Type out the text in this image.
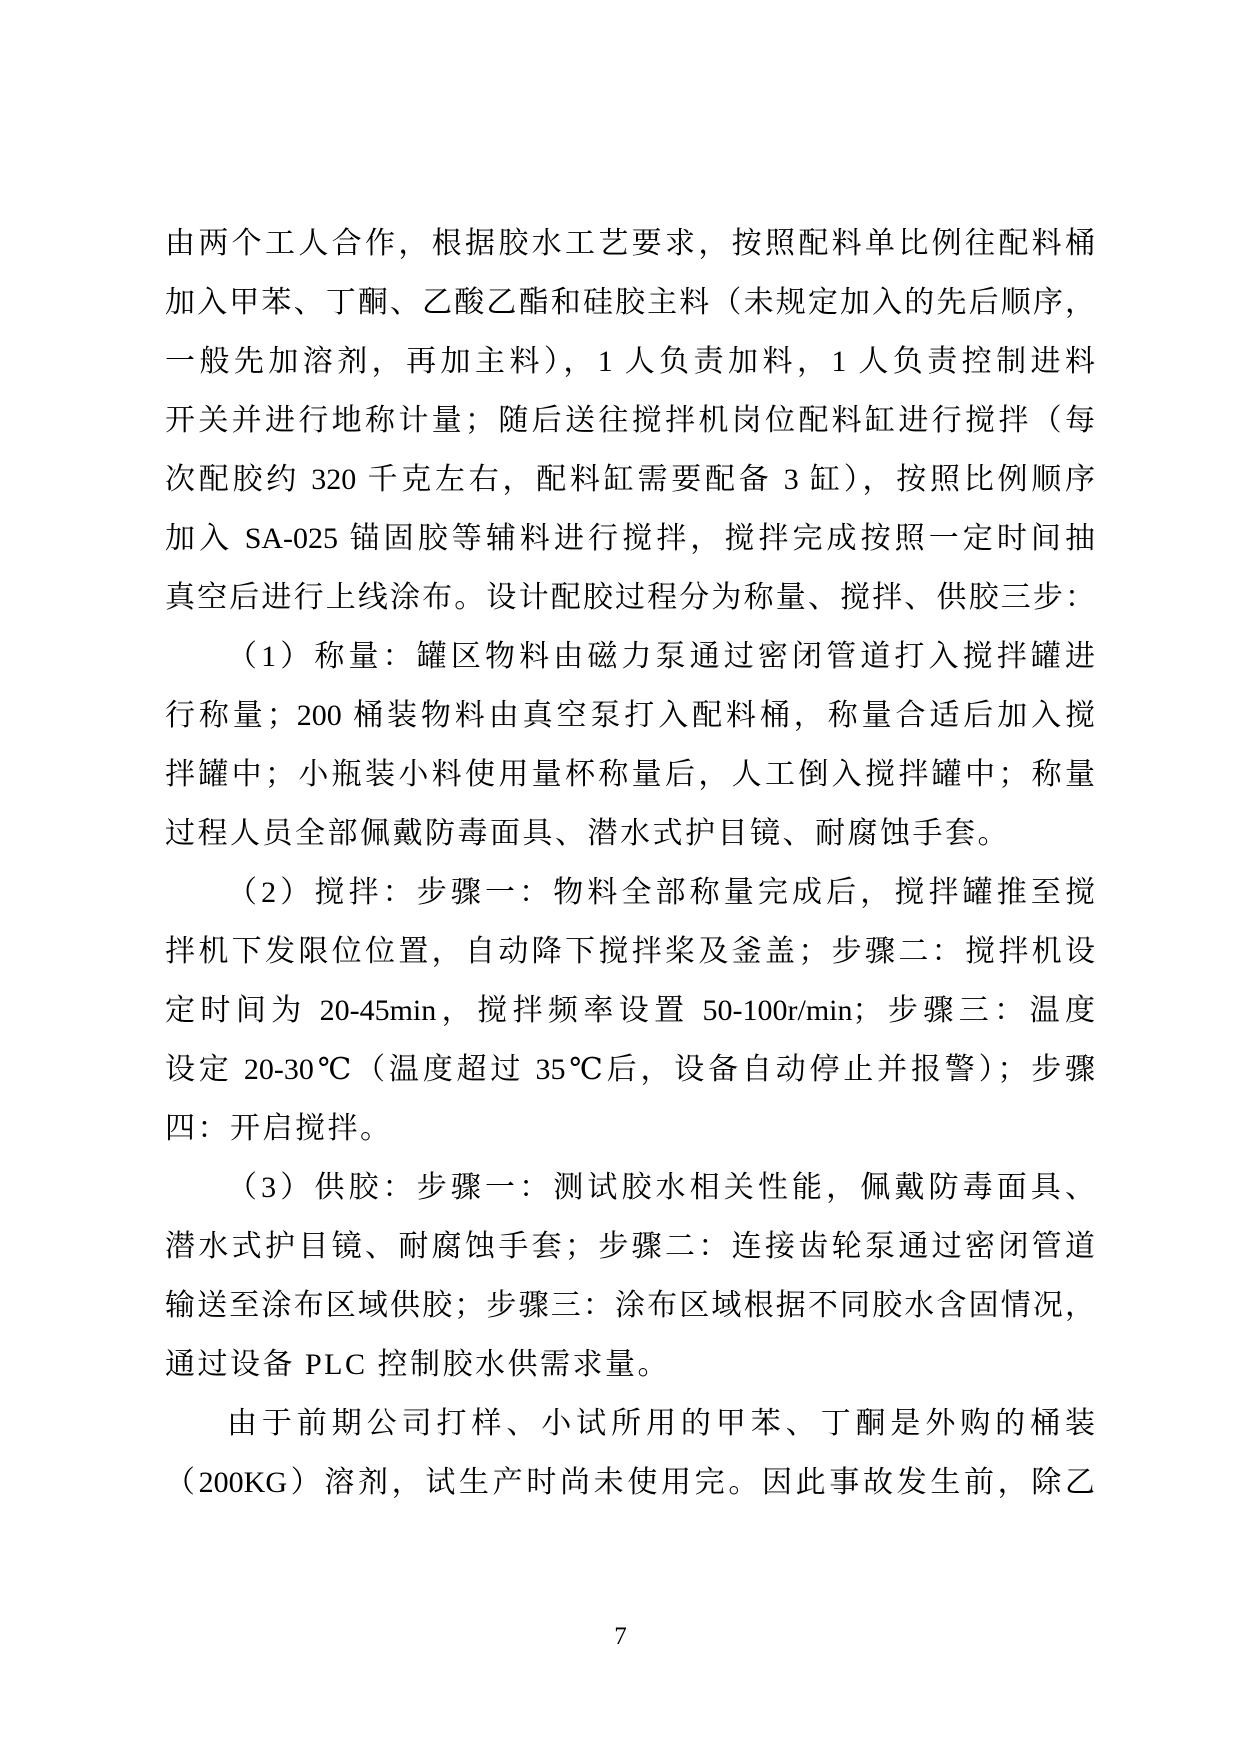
由两个工人合作，根据胶水工艺要求，按照配料单比例往配料桶
加入甲苯、丁酮、乙酸乙酯和硅胶主料（未规定加入的先后顺序，
一般先加溶剂，再加主料），1 人负责加料，1 人负责控制进料
开关并进行地称计量；随后送往搅拌机岗位配料缸进行搅拌（每
次配胶约 320 千克左右，配料缸需要配备 3 缸），按照比例顺序
加入 SA-025 锚固胶等辅料进行搅拌，搅拌完成按照一定时间抽
真空后进行上线涂布。设计配胶过程分为称量、搅拌、供胶三步：
（1）称量：罐区物料由磁力泵通过密闭管道打入搅拌罐进
行称量；200 桶装物料由真空泵打入配料桶，称量合适后加入搅
拌罐中；小瓶装小料使用量杯称量后，人工倒入搅拌罐中；称量
过程人员全部佩戴防毒面具、潜水式护目镜、耐腐蚀手套。
（2）搅拌：步骤一：物料全部称量完成后，搅拌罐推至搅
拌机下发限位位置，自动降下搅拌桨及釜盖；步骤二：搅拌机设
定时间为 20-45min，搅拌频率设置 50-100r/min；步骤三：温度
设定 20-30℃（温度超过 35℃后，设备自动停止并报警）；步骤
四：开启搅拌。
（3）供胶：步骤一：测试胶水相关性能，佩戴防毒面具、
潜水式护目镜、耐腐蚀手套；步骤二：连接齿轮泵通过密闭管道
输送至涂布区域供胶；步骤三：涂布区域根据不同胶水含固情况，
通过设备 PLC 控制胶水供需求量。
由于前期公司打样、小试所用的甲苯、丁酮是外购的桶装
（200KG）溶剂，试生产时尚未使用完。因此事故发生前，除乙
7
